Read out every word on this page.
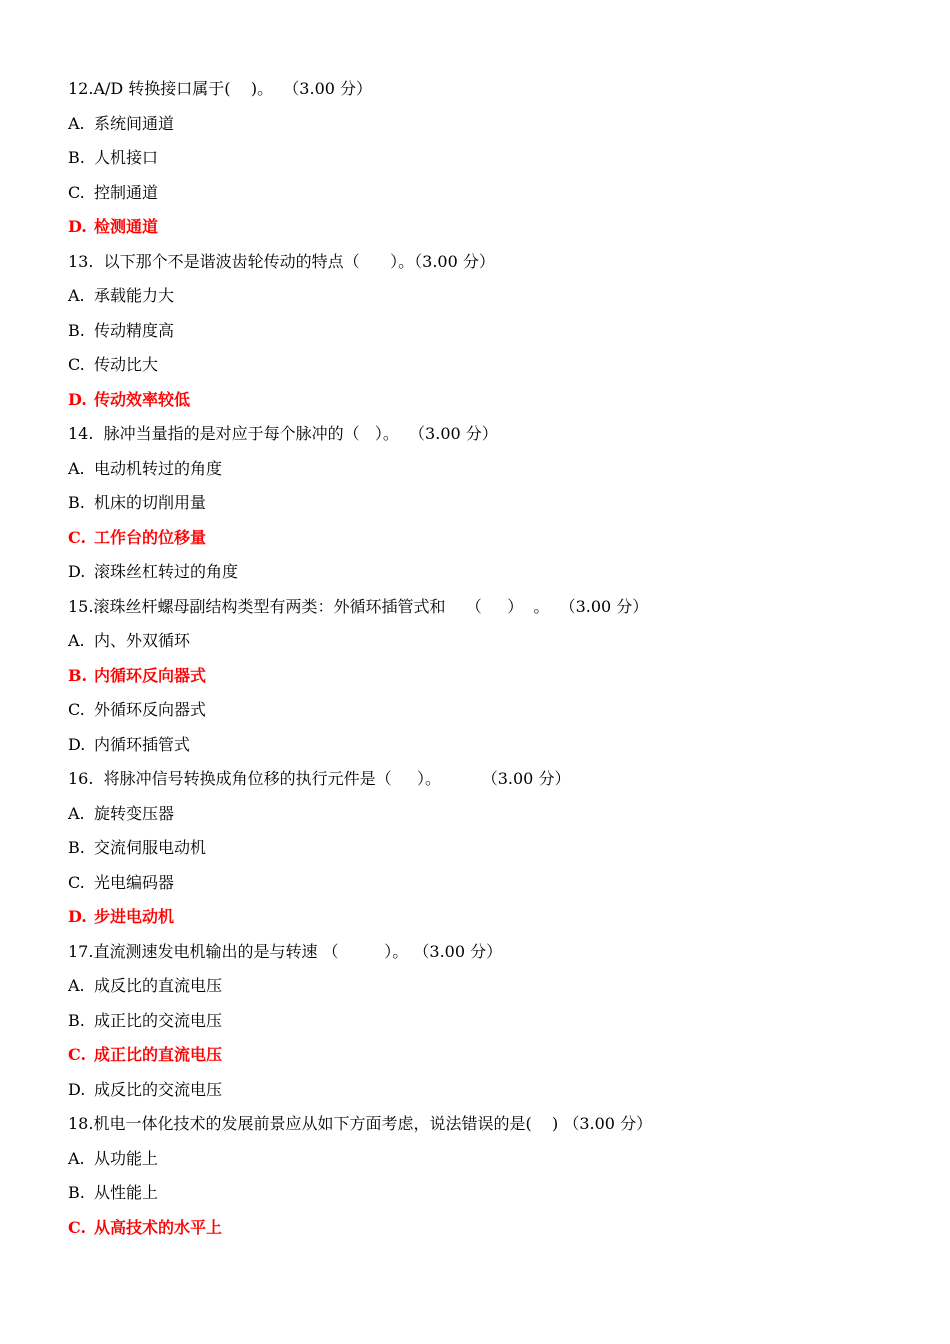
12.A/D 转换接口属于(    )。  （3.00 分）
A. 系统间通道
B. 人机接口
C. 控制通道
D. 检测通道
13.  以下那个不是谐波齿轮传动的特点（      ）。（3.00 分）
A. 承载能力大
B. 传动精度高
C. 传动比大
D. 传动效率较低
14.  脉冲当量指的是对应于每个脉冲的（   ）。  （3.00 分）
A. 电动机转过的角度
B. 机床的切削用量
C. 工作台的位移量
D. 滚珠丝杠转过的角度
15.滚珠丝杆螺母副结构类型有两类：外循环插管式和    （     ）  。  （3.00 分）
A. 内、外双循环
B. 内循环反向器式
C. 外循环反向器式
D. 内循环插管式
16.  将脉冲信号转换成角位移的执行元件是（     ）。        （3.00 分）
A. 旋转变压器
B. 交流伺服电动机
C. 光电编码器
D. 步进电动机
17.直流测速发电机输出的是与转速 （         ）。 （3.00 分）
A. 成反比的直流电压
B. 成正比的交流电压
C. 成正比的直流电压
D. 成反比的交流电压
18.机电一体化技术的发展前景应从如下方面考虑，说法错误的是(    ) （3.00 分）
A. 从功能上
B. 从性能上
C. 从高技术的水平上
